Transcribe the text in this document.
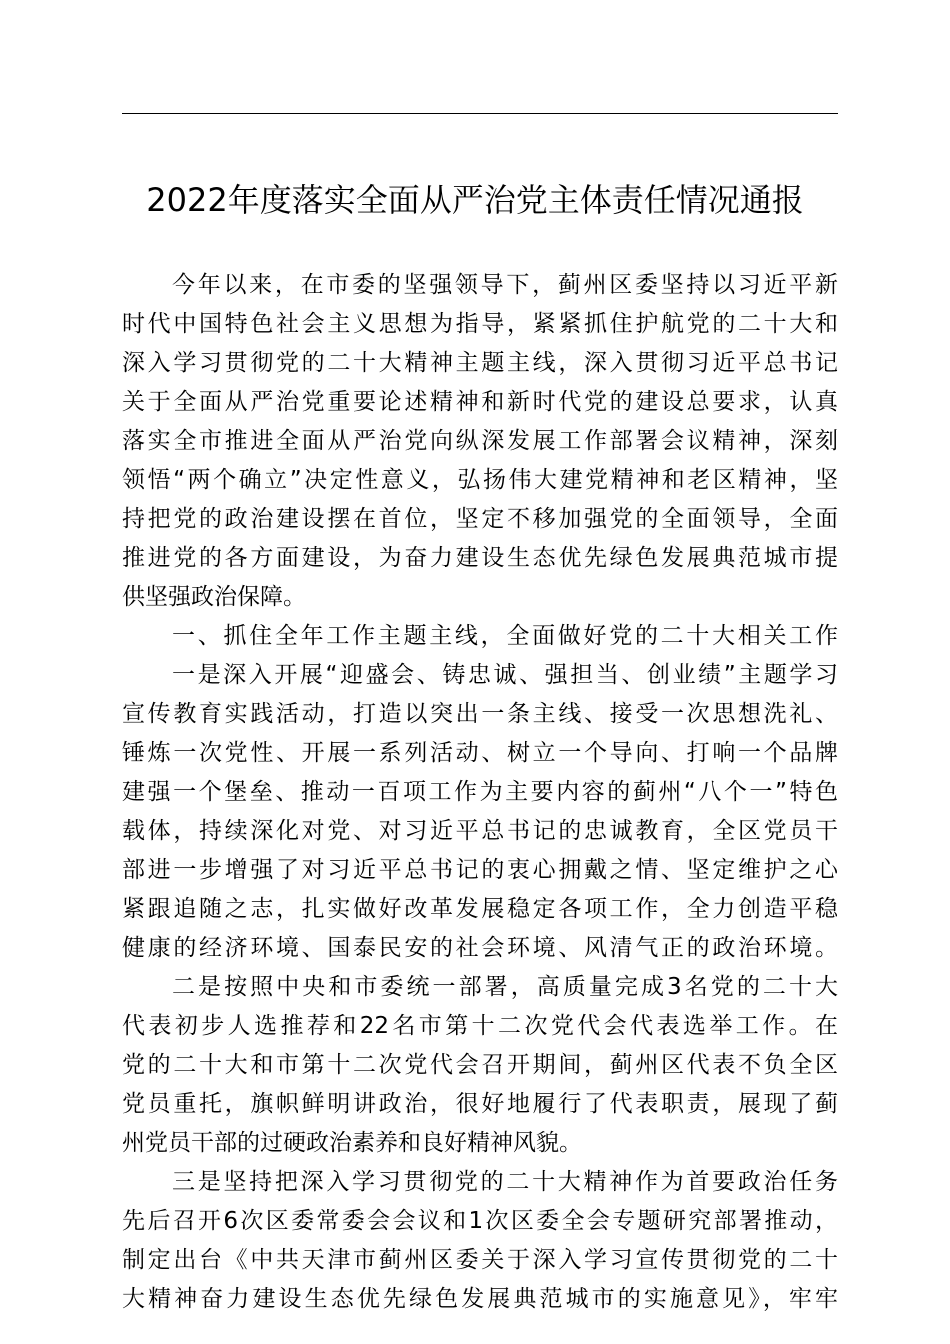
2022年度落实全面从严治党主体责任情况通报
今年以来，在市委的坚强领导下，蓟州区委坚持以习近平新
时代中国特色社会主义思想为指导，紧紧抓住护航党的二十大和
深入学习贯彻党的二十大精神主题主线，深入贯彻习近平总书记
关于全面从严治党重要论述精神和新时代党的建设总要求，认真
落实全市推进全面从严治党向纵深发展工作部署会议精神，深刻
领悟“两个确立”决定性意义，弘扬伟大建党精神和老区精神，坚
持把党的政治建设摆在首位，坚定不移加强党的全面领导，全面
推进党的各方面建设，为奋力建设生态优先绿色发展典范城市提
供坚强政治保障。
一、抓住全年工作主题主线，全面做好党的二十大相关工作
一是深入开展“迎盛会、铸忠诚、强担当、创业绩”主题学习
宣传教育实践活动，打造以突出一条主线、接受一次思想洗礼、
锤炼一次党性、开展一系列活动、树立一个导向、打响一个品牌
建强一个堡垒、推动一百项工作为主要内容的蓟州“八个一”特色
载体，持续深化对党、对习近平总书记的忠诚教育，全区党员干
部进一步增强了对习近平总书记的衷心拥戴之情、坚定维护之心
紧跟追随之志，扎实做好改革发展稳定各项工作，全力创造平稳
健康的经济环境、国泰民安的社会环境、风清气正的政治环境。
二是按照中央和市委统一部署，高质量完成3名党的二十大
代表初步人选推荐和22名市第十二次党代会代表选举工作。在
党的二十大和市第十二次党代会召开期间，蓟州区代表不负全区
党员重托，旗帜鲜明讲政治，很好地履行了代表职责，展现了蓟
州党员干部的过硬政治素养和良好精神风貌。
三是坚持把深入学习贯彻党的二十大精神作为首要政治任务
先后召开6次区委常委会会议和1次区委全会专题研究部署推动，
制定出台《中共天津市蓟州区委关于深入学习宣传贯彻党的二十
大精神奋力建设生态优先绿色发展典范城市的实施意见》，牢牢
